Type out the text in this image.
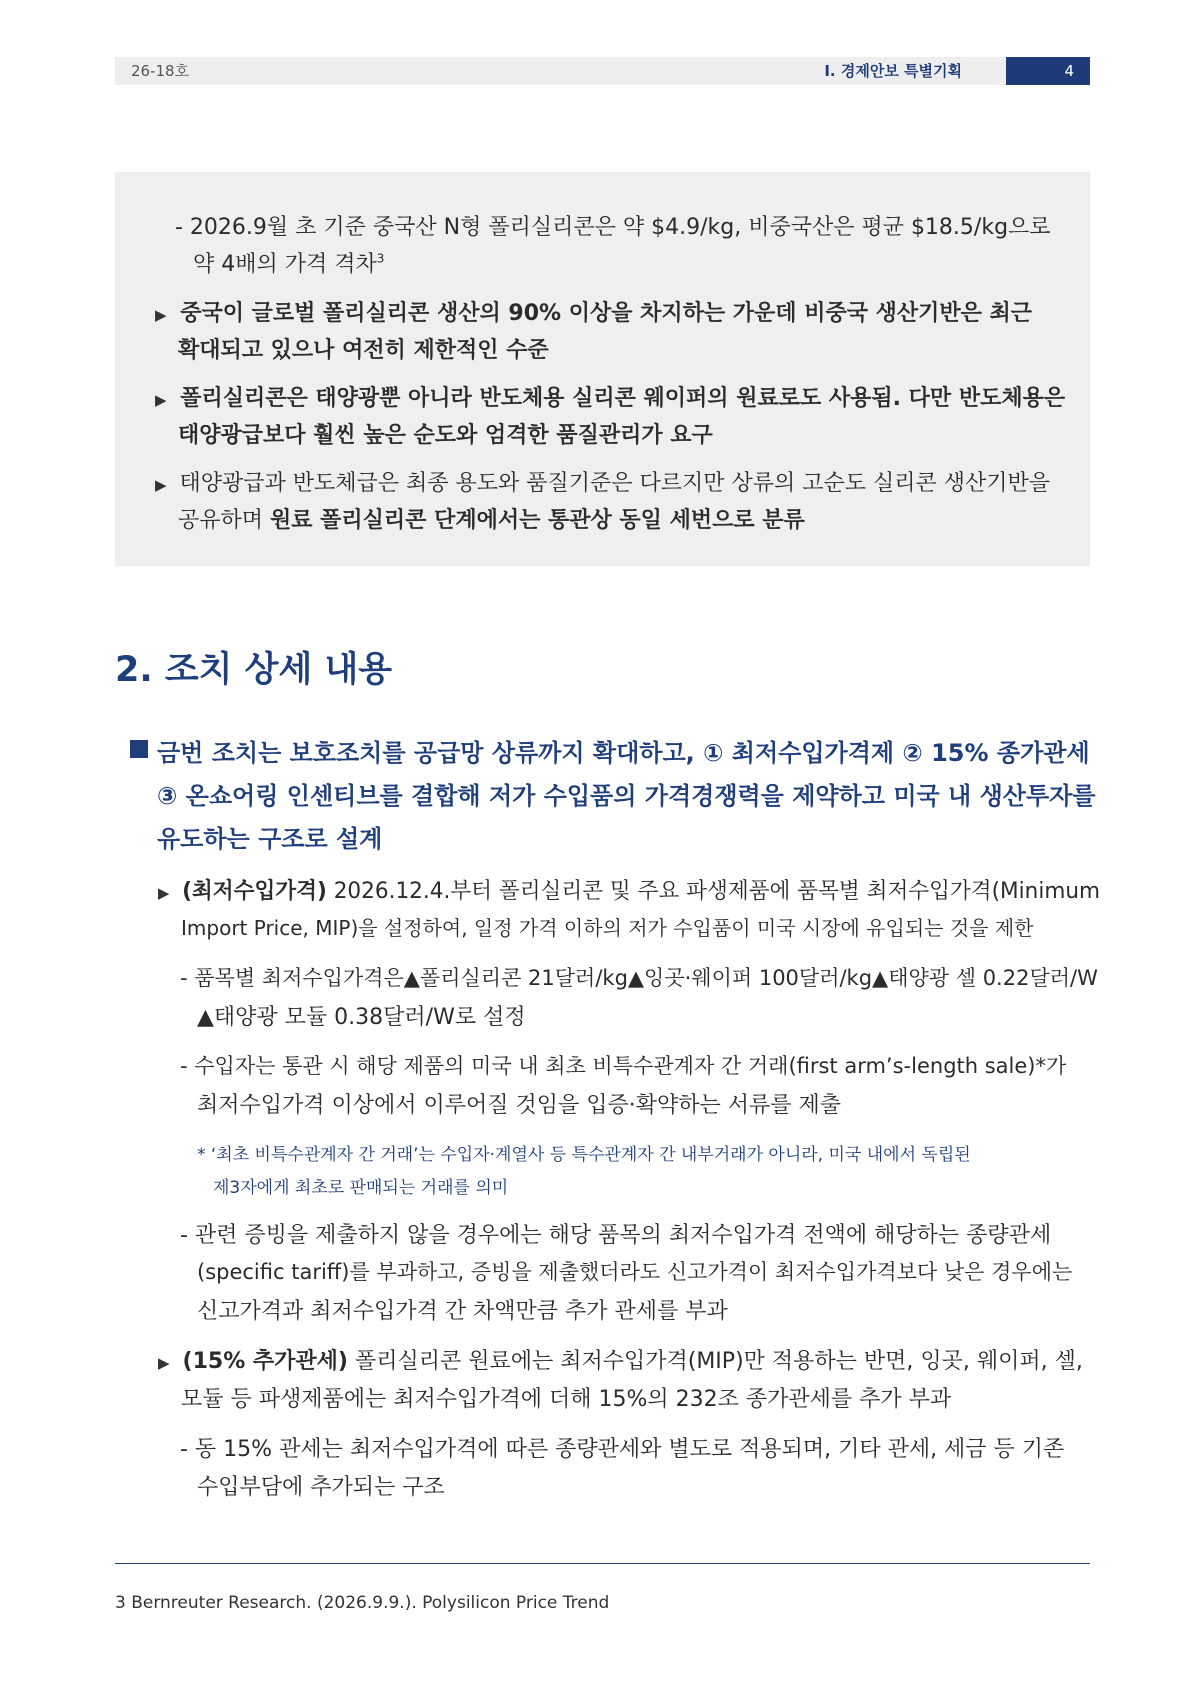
26-18호	Ⅰ. 경제안보 특별기획	4
- 2026.9월 초 기준 중국산 N형 폴리실리콘은 약 $4.9/kg, 비중국산은 평균 $18.5/kg으로
약 4배의 가격 격차$^3$
▶ 중국이 글로벌 폴리실리콘 생산의 90% 이상을 차지하는 가운데 비중국 생산기반은 최근
확대되고 있으나 여전히 제한적인 수준
▶ 폴리실리콘은 태양광뿐 아니라 반도체용 실리콘 웨이퍼의 원료로도 사용됨. 다만 반도체용은
태양광급보다 훨씬 높은 순도와 엄격한 품질관리가 요구
▶ 태양광급과 반도체급은 최종 용도와 품질기준은 다르지만 상류의 고순도 실리콘 생산기반을
공유하며 원료 폴리실리콘 단계에서는 통관상 동일 세번으로 분류
2. 조치 상세 내용
금번 조치는 보호조치를 공급망 상류까지 확대하고, ① 최저수입가격제 ② 15% 종가관세
③ 온쇼어링 인센티브를 결합해 저가 수입품의 가격경쟁력을 제약하고 미국 내 생산투자를
유도하는 구조로 설계
▶ (최저수입가격) 2026.12.4.부터 폴리실리콘 및 주요 파생제품에 품목별 최저수입가격(Minimum
Import Price, MIP)을 설정하여, 일정 가격 이하의 저가 수입품이 미국 시장에 유입되는 것을 제한
- 품목별 최저수입가격은▲폴리실리콘 21달러/kg▲잉곳·웨이퍼 100달러/kg▲태양광 셀 0.22달러/W
▲태양광 모듈 0.38달러/W로 설정
- 수입자는 통관 시 해당 제품의 미국 내 최초 비특수관계자 간 거래(first arm’s-length sale)*가
최저수입가격 이상에서 이루어질 것임을 입증·확약하는 서류를 제출
* ‘최초 비특수관계자 간 거래’는 수입자·계열사 등 특수관계자 간 내부거래가 아니라, 미국 내에서 독립된
제3자에게 최초로 판매되는 거래를 의미
- 관련 증빙을 제출하지 않을 경우에는 해당 품목의 최저수입가격 전액에 해당하는 종량관세
(specific tariff)를 부과하고, 증빙을 제출했더라도 신고가격이 최저수입가격보다 낮은 경우에는
신고가격과 최저수입가격 간 차액만큼 추가 관세를 부과
▶ (15% 추가관세) 폴리실리콘 원료에는 최저수입가격(MIP)만 적용하는 반면, 잉곳, 웨이퍼, 셀,
모듈 등 파생제품에는 최저수입가격에 더해 15%의 232조 종가관세를 추가 부과
- 동 15% 관세는 최저수입가격에 따른 종량관세와 별도로 적용되며, 기타 관세, 세금 등 기존
수입부담에 추가되는 구조
3 Bernreuter Research. (2026.9.9.). Polysilicon Price Trend
